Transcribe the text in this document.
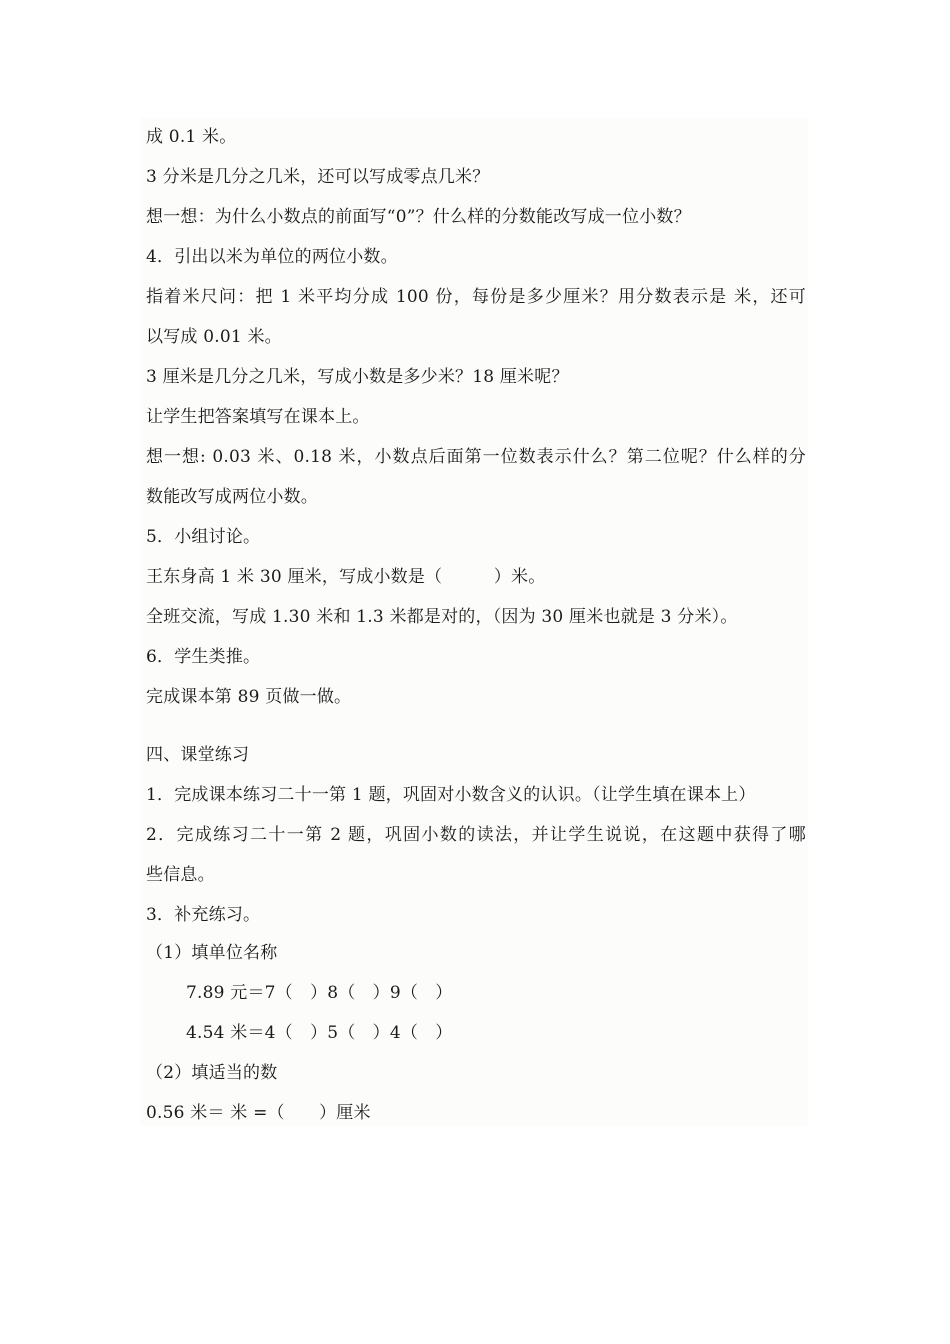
成 0.1 米。
3 分米是几分之几米，还可以写成零点几米？
想一想：为什么小数点的前面写“0”？什么样的分数能改写成一位小数？
4．引出以米为单位的两位小数。
指着米尺问：把 1 米平均分成 100 份，每份是多少厘米？用分数表示是 米，还可
以写成 0.01 米。
3 厘米是几分之几米，写成小数是多少米？18 厘米呢？
让学生把答案填写在课本上。
想一想: 0.03 米、0.18 米，小数点后面第一位数表示什么？第二位呢？什么样的分
数能改写成两位小数。
5．小组讨论。
王东身高 1 米 30 厘米，写成小数是（　　　）米。
全班交流，写成 1.30 米和 1.3 米都是对的，（因为 30 厘米也就是 3 分米）。
6．学生类推。
完成课本第 89 页做一做。
四、课堂练习
1．完成课本练习二十一第 1 题，巩固对小数含义的认识。（让学生填在课本上）
2．完成练习二十一第 2 题，巩固小数的读法，并让学生说说，在这题中获得了哪
些信息。
3．补充练习。
（1）填单位名称
7.89 元＝7（　）8（　）9（　）
4.54 米＝4（　）5（　）4（　）
（2）填适当的数
0.56 米＝ 米 =（　　）厘米
